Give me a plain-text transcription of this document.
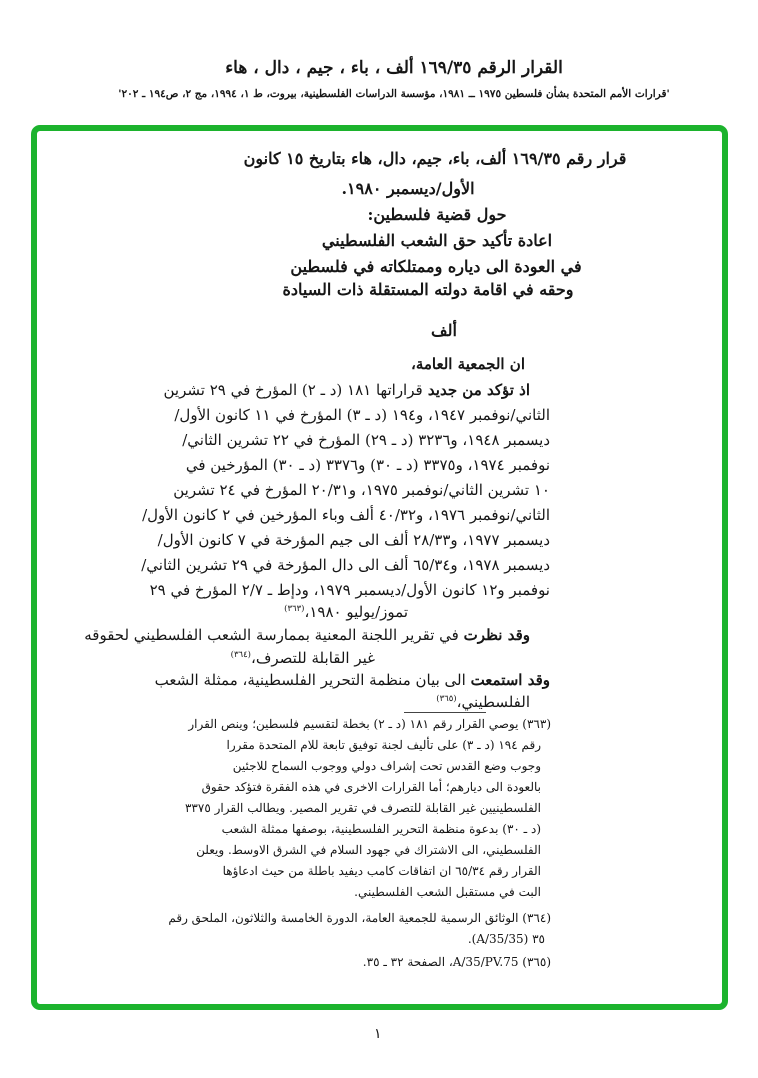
القرار الرقم ١٦٩/٣٥ ألف ، باء ، جيم ، دال ، هاء
'قرارات الأمم المتحدة بشأن فلسطين ١٩٧٥ ــ ١٩٨١، مؤسسة الدراسات الفلسطينية، بيروت، ط ١، ١٩٩٤، مج ٢، ص١٩٤ ـ ٢٠٢'
قرار رقم ١٦٩/٣٥ ألف، باء، جيم، دال، هاء بتاريخ ١٥ كانون
الأول/ديسمبر ١٩٨٠.
حول قضية فلسطين:
اعادة تأكيد حق الشعب الفلسطيني
في العودة الى دياره وممتلكاته في فلسطين
وحقه في اقامة دولته المستقلة ذات السيادة
ألف
ان الجمعية العامة،
اذ تؤكد من جديد قراراتها ١٨١ (د ـ ٢) المؤرخ في ٢٩ تشرين
الثاني/نوفمبر ١٩٤٧، و١٩٤ (د ـ ٣) المؤرخ في ١١ كانون الأول/
ديسمبر ١٩٤٨، و٣٢٣٦ (د ـ ٢٩) المؤرخ في ٢٢ تشرين الثاني/
نوفمبر ١٩٧٤، و٣٣٧٥ (د ـ ٣٠) و٣٣٧٦ (د ـ ٣٠) المؤرخين في
١٠ تشرين الثاني/نوفمبر ١٩٧٥، و٢٠/٣١ المؤرخ في ٢٤ تشرين
الثاني/نوفمبر ١٩٧٦، و٤٠/٣٢ ألف وباء المؤرخين في ٢ كانون الأول/
ديسمبر ١٩٧٧، و٢٨/٣٣ ألف الى جيم المؤرخة في ٧ كانون الأول/
ديسمبر ١٩٧٨، و٦٥/٣٤ ألف الى دال المؤرخة في ٢٩ تشرين الثاني/
نوفمبر و١٢ كانون الأول/ديسمبر ١٩٧٩، ودإط ـ ٢/٧ المؤرخ في ٢٩
تموز/يوليو ١٩٨٠،$^{(٣٦٣)}$
وقد نظرت في تقرير اللجنة المعنية بممارسة الشعب الفلسطيني لحقوقه
غير القابلة للتصرف،$^{(٣٦٤)}$
وقد استمعت الى بيان منظمة التحرير الفلسطينية، ممثلة الشعب
الفلسطيني،$^{(٣٦٥)}$
(٣٦٣) يوصي القرار رقم ١٨١ (د ـ ٢) بخطة لتقسيم فلسطين؛ وينص القرار
رقم ١٩٤ (د ـ ٣) على تأليف لجنة توفيق تابعة للام المتحدة مقررا
وجوب وضع القدس تحت إشراف دولي ووجوب السماح للاجئين
بالعودة الى ديارهم؛ أما القرارات الاخرى في هذه الفقرة فتؤكد حقوق
الفلسطينيين غير القابلة للتصرف في تقرير المصير. ويطالب القرار ٣٣٧٥
(د ـ ٣٠) بدعوة منظمة التحرير الفلسطينية، بوصفها ممثلة الشعب
الفلسطيني، الى الاشتراك في جهود السلام في الشرق الاوسط. ويعلن
القرار رقم ٦٥/٣٤ ان اتفاقات كامب ديفيد باطلة من حيث ادعاؤها
البت في مستقبل الشعب الفلسطيني.
(٣٦٤) الوثائق الرسمية للجمعية العامة، الدورة الخامسة والثلاثون، الملحق رقم
٣٥ (A/35/35).
(٣٦٥) A/35/PV.75، الصفحة ٣٢ ـ ٣٥.
١
